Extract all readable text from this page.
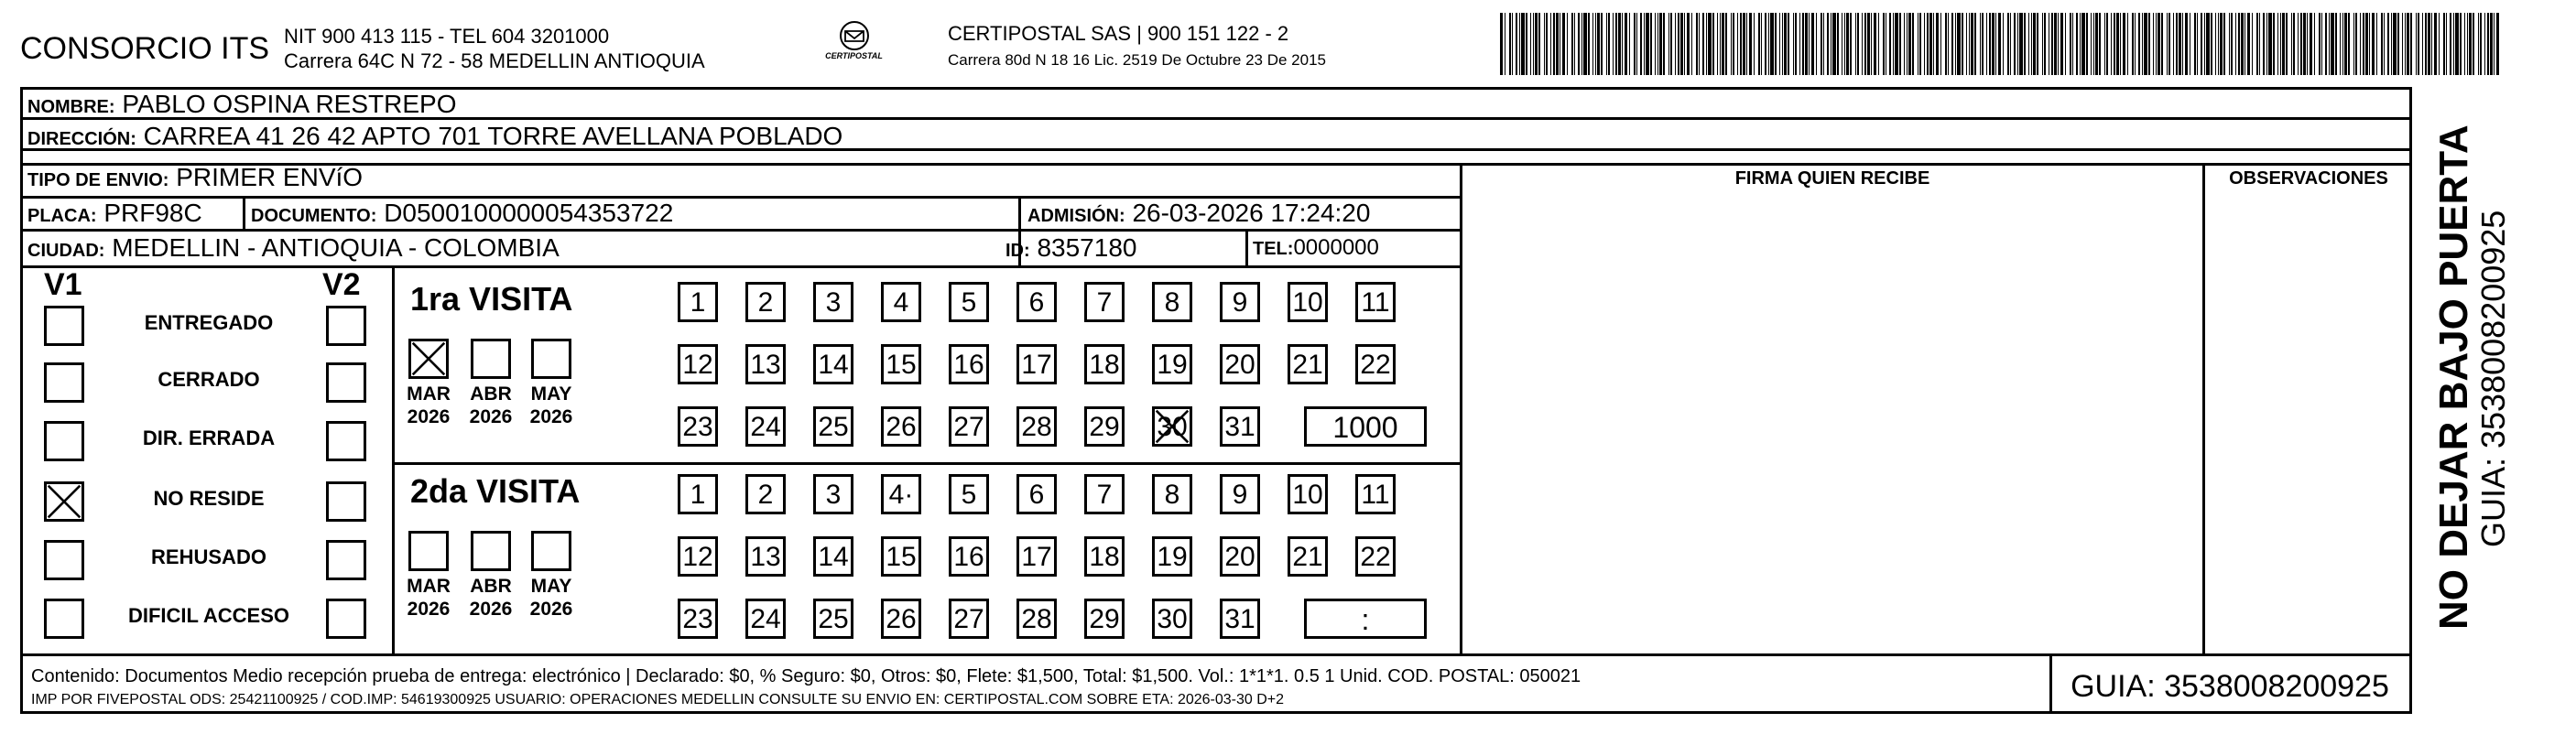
CONSORCIO ITS NIT 900 413 115 - TEL 604 3201000
Carrera 64C N 72 - 58 MEDELLIN ANTIOQUIA	CERTIPOSTAL
CERTIPOSTAL SAS | 900 151 122 - 2
Carrera 80d N 18 16 Lic. 2519 De Octubre 23 De 2015
NOMBRE: PABLO OSPINA RESTREPO
DIRECCIÓN: CARREA 41 26 42 APTO 701 TORRE AVELLANA POBLADO
TIPO DE ENVIO: PRIMER ENVíO
PLACA: PRF98C	DOCUMENTO: D0500100000054353722	ADMISIÓN: 26-03-2026 17:24:20
CIUDAD: MEDELLIN - ANTIOQUIA - COLOMBIA	ID: 8357180	TEL:0000000
FIRMA QUIEN RECIBE	OBSERVACIONES
V1	V2 1ra VISITA
2da VISITA
Contenido: Documentos Medio recepción prueba de entrega: electrónico | Declarado: $0, % Seguro: $0, Otros: $0, Flete: $1,500, Total: $1,500. Vol.: 1*1*1. 0.5 1 Unid. COD. POSTAL: 050021
IMP POR FIVEPOSTAL ODS: 25421100925 / COD.IMP: 54619300925 USUARIO: OPERACIONES MEDELLIN CONSULTE SU ENVIO EN: CERTIPOSTAL.COM SOBRE ETA: 2026-03-30 D+2	GUIA: 3538008200925
NO DEJAR BAJO PUERTA
GUIA: 3538008200925
ENTREGADO
CERRADO
DIR. ERRADA
NO RESIDE
REHUSADO
DIFICIL ACCESO
MAR
2026
ABR
2026
MAY
2026
1	2	3	4	5	6	7	8	9	10 11
12 13 14 15 16 17 18 19 20 21 22
23 24 25 26 27 28 29 30 31	1000
MAR
2026
ABR
2026
MAY
2026
1	2	3	4·	5	6	7	8	9	10 11
12 13 14 15 16 17 18 19 20 21 22
23 24 25 26 27 28 29 30 31	:
